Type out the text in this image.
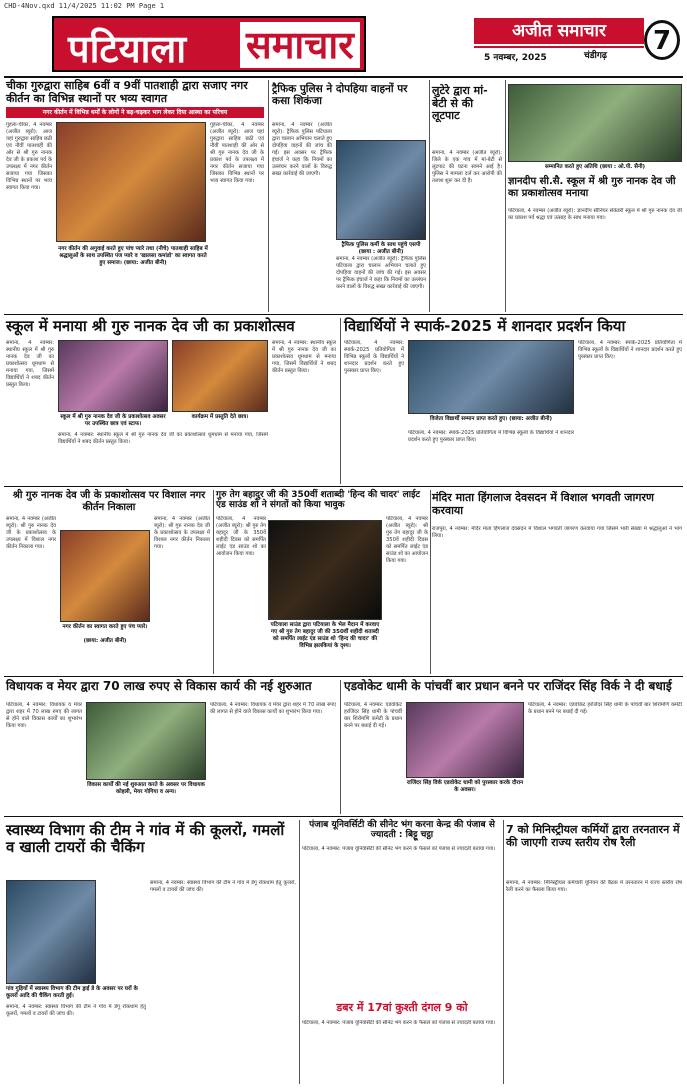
CHD-4Nov.qxd 11/4/2025 11:02 PM Page 1
पटियाला समाचार	अजीत समाचार
5 नवम्बर, 2025	चंडीगढ़	7
चीका गुरुद्वारा साहिब 6वीं व 9वीं पातशाही द्वारा सजाए नगर कीर्तन का विभिन्न स्थानों पर भव्य स्वागत
नगर कीर्तन में विभिन्न धर्मों के लोगों ने बढ़-चढ़कर भाग लेकर दिया आस्था का परिचय
गुहला-चीका, 4 नवम्बर (अजीत ब्यूरो): आज यहां गुरुद्वारा साहिब छठी एवं नौवीं पातशाही की ओर से श्री गुरु नानक देव जी के प्रकाश पर्व के उपलक्ष्य में नगर कीर्तन सजाया गया जिसका विभिन्न स्थानों पर भव्य स्वागत किया गया।
गुहला-चीका, 4 नवम्बर (अजीत ब्यूरो): आज यहां गुरुद्वारा साहिब छठी एवं नौवीं पातशाही की ओर से श्री गुरु नानक देव जी के प्रकाश पर्व के उपलक्ष्य में नगर कीर्तन सजाया गया जिसका विभिन्न स्थानों पर भव्य स्वागत किया गया।
नगर कीर्तन की अगुवाई करते हुए पांच प्यारे तथा (नीचे) पातशाही साहिब में श्रद्धालुओं के साथ उपस्थित पंज प्यारे व 'खालसा कमांडो' का स्वागत करते हुए समाज। (छाया: अजीत बीनी)
ट्रैफिक पुलिस ने दोपहिया वाहनों पर कसा शिकंजा
समाना, 4 नवम्बर (अजीत ब्यूरो): ट्रैफिक पुलिस पटियाला द्वारा चालान अभियान चलाते हुए दोपहिया वाहनों की जांच की गई। इस अवसर पर ट्रैफिक इंचार्ज ने कहा कि नियमों का उल्लंघन करने वालों के विरुद्ध सख्त कार्रवाई की जाएगी।
ट्रैफिक पुलिस कर्मी के साथ पहुंचे एसपी (छाया : अजीत बीनी)
समाना, 4 नवम्बर (अजीत ब्यूरो): ट्रैफिक पुलिस पटियाला द्वारा चालान अभियान चलाते हुए दोपहिया वाहनों की जांच की गई। इस अवसर पर ट्रैफिक इंचार्ज ने कहा कि नियमों का उल्लंघन करने वालों के विरुद्ध सख्त कार्रवाई की जाएगी।
लुटेरे द्वारा मां-बेटी से की लूटपाट
समाना, 4 नवम्बर (अजीत ब्यूरो): जिले के एक गांव में मां-बेटी से लूटपाट की घटना सामने आई है। पुलिस ने मामला दर्ज कर आरोपी की तलाश शुरू कर दी है।
सम्मानित करते हुए अतिथि (छाया : ओ.पी. सैनी)
ज्ञानदीप सी.सै. स्कूल में श्री गुरु नानक देव जी का प्रकाशोत्सव मनाया
पटियाला, 4 नवम्बर (अजीत ब्यूरो): ज्ञानदीप सीनियर सेकेंडरी स्कूल में श्री गुरु नानक देव जी का प्रकाश पर्व श्रद्धा एवं उत्साह के साथ मनाया गया।
स्कूल में मनाया श्री गुरु नानक देव जी का प्रकाशोत्सव
समाना, 4 नवम्बर: स्थानीय स्कूल में श्री गुरु नानक देव जी का प्रकाशोत्सव धूमधाम से मनाया गया, जिसमें विद्यार्थियों ने शबद कीर्तन प्रस्तुत किया।
स्कूल में श्री गुरु नानक देव जी के प्रकाशोत्सव अवसर पर उपस्थित छात्र एवं स्टाफ।
कार्यक्रम में प्रस्तुति देते छात्र।
समाना, 4 नवम्बर: स्थानीय स्कूल में श्री गुरु नानक देव जी का प्रकाशोत्सव धूमधाम से मनाया गया, जिसमें विद्यार्थियों ने शबद कीर्तन प्रस्तुत किया।
समाना, 4 नवम्बर: स्थानीय स्कूल में श्री गुरु नानक देव जी का प्रकाशोत्सव धूमधाम से मनाया गया, जिसमें विद्यार्थियों ने शबद कीर्तन प्रस्तुत किया।
विद्यार्थियों ने स्पार्क-2025 में शानदार प्रदर्शन किया
पटियाला, 4 नवम्बर: स्पार्क-2025 प्रतियोगिता में विभिन्न स्कूलों के विद्यार्थियों ने शानदार प्रदर्शन करते हुए पुरस्कार प्राप्त किए।
विजेता विद्यार्थी सम्मान प्राप्त करते हुए। (छाया: अजीत बीनी)
पटियाला, 4 नवम्बर: स्पार्क-2025 प्रतियोगिता में विभिन्न स्कूलों के विद्यार्थियों ने शानदार प्रदर्शन करते हुए पुरस्कार प्राप्त किए।
पटियाला, 4 नवम्बर: स्पार्क-2025 प्रतियोगिता में विभिन्न स्कूलों के विद्यार्थियों ने शानदार प्रदर्शन करते हुए पुरस्कार प्राप्त किए।
श्री गुरु नानक देव जी के प्रकाशोत्सव पर विशाल नगर कीर्तन निकाला
समाना, 4 नवम्बर (अजीत ब्यूरो): श्री गुरु नानक देव जी के प्रकाशोत्सव के उपलक्ष्य में विशाल नगर कीर्तन निकाला गया।
नगर कीर्तन का स्वागत करते हुए पंच प्यारे।
(छाया: अजीत बीनी)
समाना, 4 नवम्बर (अजीत ब्यूरो): श्री गुरु नानक देव जी के प्रकाशोत्सव के उपलक्ष्य में विशाल नगर कीर्तन निकाला गया।
गुरु तेग बहादुर जी की 350वीं शताब्दी 'हिन्द की चादर' लाईट एंड साउंड शो ने संगतों को किया भावुक
पटियाला, 4 नवम्बर (अजीत ब्यूरो): श्री गुरु तेग बहादुर जी के 350वें शहीदी दिवस को समर्पित लाईट एंड साउंड शो का आयोजन किया गया।
पटियाला साउंड द्वारा पटियाला के भेल मैदान में करवाए गए श्री गुरु तेग बहादुर जी की 350वीं शहीदी शताब्दी को समर्पित लाईट एंड साउंड शो 'हिन्द की चादर' की विभिन्न झलकियां के दृश्य।
पटियाला, 4 नवम्बर (अजीत ब्यूरो): श्री गुरु तेग बहादुर जी के 350वें शहीदी दिवस को समर्पित लाईट एंड साउंड शो का आयोजन किया गया।
मंदिर माता हिंगलाज देवसदन में विशाल भगवती जागरण करवाया
राजपुरा, 4 नवम्बर: मंदिर माता हिंगलाज देवसदन में विशाल भगवती जागरण करवाया गया जिसमें भारी संख्या में श्रद्धालुओं ने भाग लिया।
विधायक व मेयर द्वारा 70 लाख रुपए से विकास कार्य की नई शुरुआत
पटियाला, 4 नवम्बर: विधायक व मेयर द्वारा शहर में 70 लाख रुपए की लागत से होने वाले विकास कार्यों का शुभारंभ किया गया।
विकास कार्यों की नई शुरुआत करते के अवसर पर विधायक कोहली, मेयर गोगिया व अन्य।
पटियाला, 4 नवम्बर: विधायक व मेयर द्वारा शहर में 70 लाख रुपए की लागत से होने वाले विकास कार्यों का शुभारंभ किया गया।
एडवोकेट धामी के पांचवीं बार प्रधान बनने पर राजिंदर सिंह विर्क ने दी बधाई
पटियाला, 4 नवम्बर: एडवोकेट हरजिंदर सिंह धामी के पांचवीं बार शिरोमणि कमेटी के प्रधान बनने पर बधाई दी गई।
राजिंदर सिंह विर्क एडवोकेट धामी को पुरस्कार करके दौरान के अवसर।
पटियाला, 4 नवम्बर: एडवोकेट हरजिंदर सिंह धामी के पांचवीं बार शिरोमणि कमेटी के प्रधान बनने पर बधाई दी गई।
स्वास्थ्य विभाग की टीम ने गांव में की कूलरों, गमलों व खाली टायरों की चैकिंग
गांव गुड़ियाँ में स्वास्थ्य विभाग की टीम ड्राई डे के अवसर पर घरों के कूलरों आदि की चैकिंग करती हुई।
समाना, 4 नवम्बर: स्वास्थ्य विभाग की टीम ने गांव में डेंगू रोकथाम हेतु कूलरों, गमलों व टायरों की जांच की।
समाना, 4 नवम्बर: स्वास्थ्य विभाग की टीम ने गांव में डेंगू रोकथाम हेतु कूलरों, गमलों व टायरों की जांच की।
पंजाब यूनिवर्सिटी की सीनेट भंग करना केन्द्र की पंजाब से ज्यादती : बिट्टू चट्ठा
पटियाला, 4 नवम्बर: पंजाब यूनिवर्सिटी की सीनेट भंग करने के फैसले को पंजाब से ज्यादती बताया गया।
डबर में 17वां कुश्ती दंगल 9 को
पटियाला, 4 नवम्बर: पंजाब यूनिवर्सिटी की सीनेट भंग करने के फैसले को पंजाब से ज्यादती बताया गया।
7 को मिनिस्ट्रीयल कर्मियों द्वारा तरनतारन में की जाएगी राज्य स्तरीय रोष रैली
समाना, 4 नवम्बर: मिनिस्ट्रीयल कर्मचारी यूनियन की बैठक में तरनतारन में राज्य स्तरीय रोष रैली करने का फैसला किया गया।
